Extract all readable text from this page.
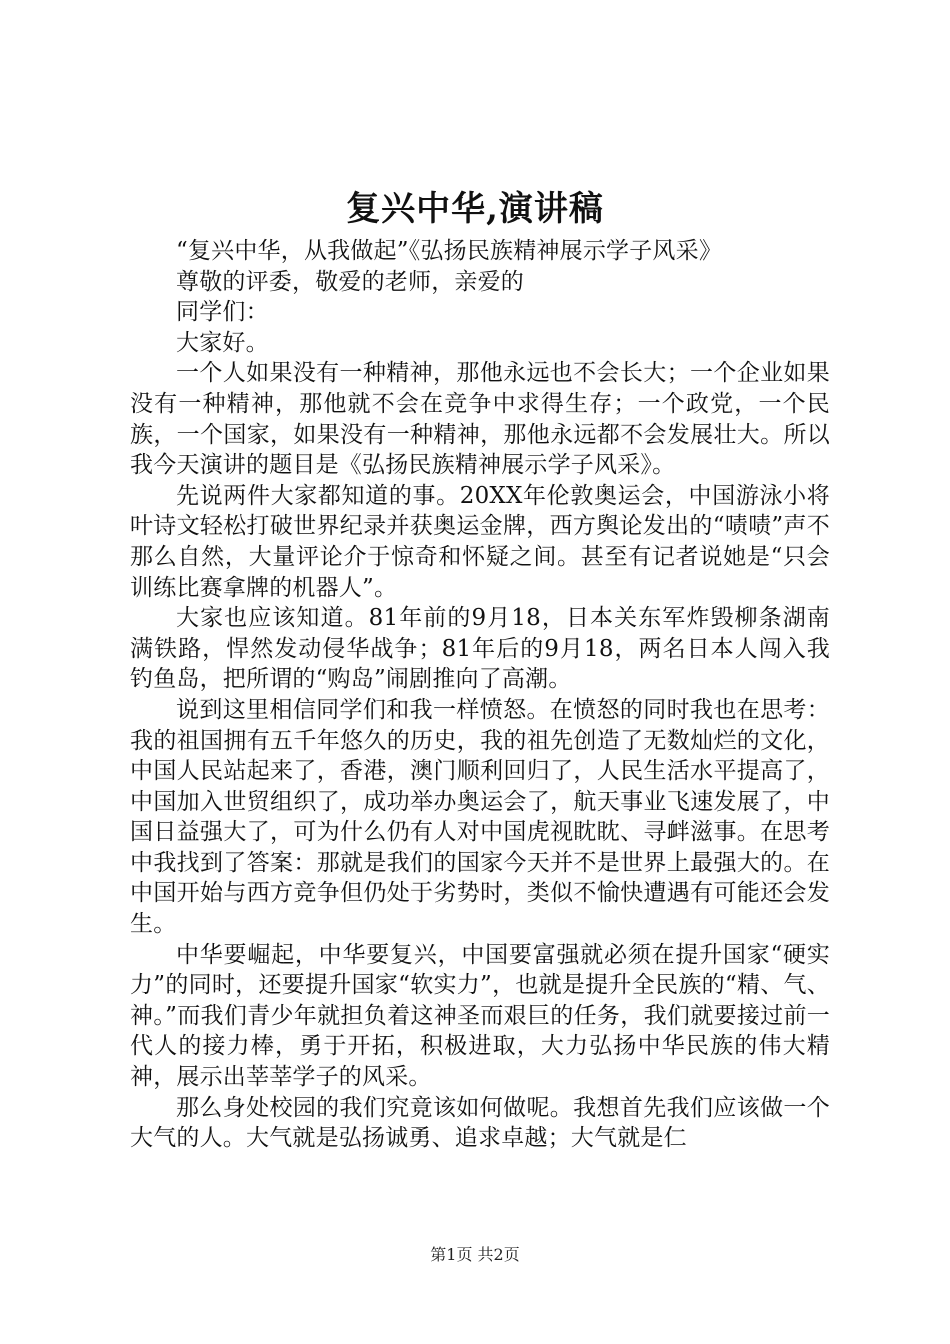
复兴中华,演讲稿

“复兴中华，从我做起”《弘扬民族精神展示学子风采》

尊敬的评委，敬爱的老师，亲爱的

同学们：

大家好。

一个人如果没有一种精神，那他永远也不会长大；一个企业如果没有一种精神，那他就不会在竞争中求得生存；一个政党，一个民族，一个国家，如果没有一种精神，那他永远都不会发展壮大。所以我今天演讲的题目是《弘扬民族精神展示学子风采》。

先说两件大家都知道的事。20XX年伦敦奥运会，中国游泳小将叶诗文轻松打破世界纪录并获奥运金牌，西方舆论发出的“啧啧”声不那么自然，大量评论介于惊奇和怀疑之间。甚至有记者说她是“只会训练比赛拿牌的机器人”。

大家也应该知道。81年前的9月18，日本关东军炸毁柳条湖南满铁路，悍然发动侵华战争；81年后的9月18，两名日本人闯入我钓鱼岛，把所谓的“购岛”闹剧推向了高潮。

说到这里相信同学们和我一样愤怒。在愤怒的同时我也在思考：我的祖国拥有五千年悠久的历史，我的祖先创造了无数灿烂的文化，中国人民站起来了，香港，澳门顺利回归了，人民生活水平提高了，中国加入世贸组织了，成功举办奥运会了，航天事业飞速发展了，中国日益强大了，可为什么仍有人对中国虎视眈眈、寻衅滋事。在思考中我找到了答案：那就是我们的国家今天并不是世界上最强大的。在中国开始与西方竞争但仍处于劣势时，类似不愉快遭遇有可能还会发生。

中华要崛起，中华要复兴，中国要富强就必须在提升国家“硬实力”的同时，还要提升国家“软实力”，也就是提升全民族的“精、气、神。”而我们青少年就担负着这神圣而艰巨的任务，我们就要接过前一代人的接力棒，勇于开拓，积极进取，大力弘扬中华民族的伟大精神，展示出莘莘学子的风采。

那么身处校园的我们究竟该如何做呢。我想首先我们应该做一个大气的人。大气就是弘扬诚勇、追求卓越；大气就是仁

第1页 共2页
